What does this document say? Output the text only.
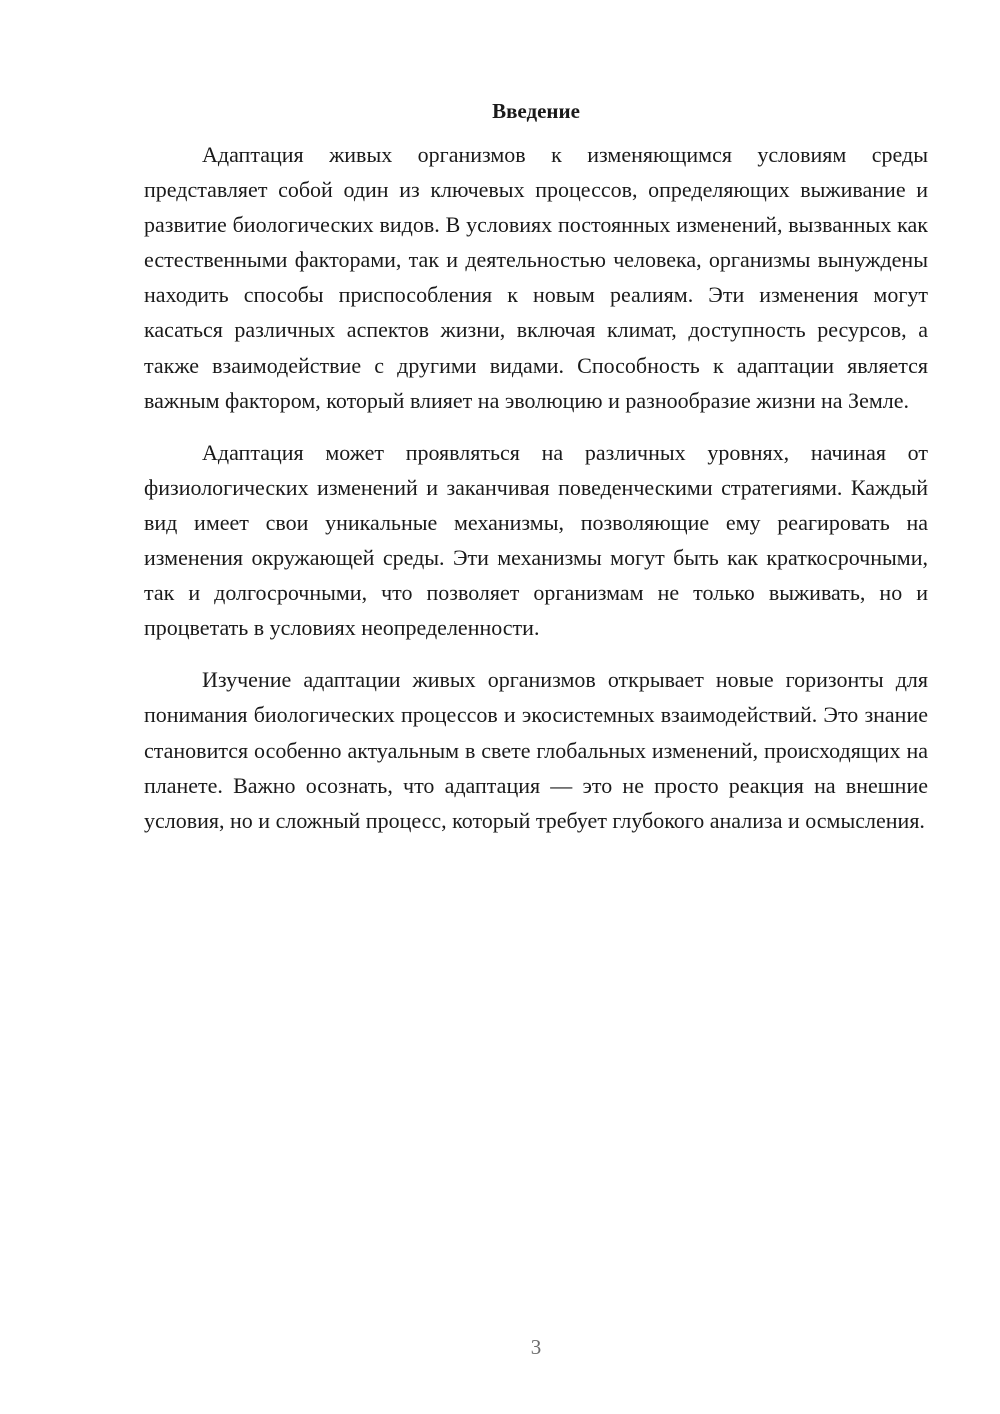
Введение

Адаптация живых организмов к изменяющимся условиям среды представляет собой один из ключевых процессов, определяющих выживание и развитие биологических видов. В условиях постоянных изменений, вызванных как естественными факторами, так и деятельностью человека, организмы вынуждены находить способы приспособления к новым реалиям. Эти изменения могут касаться различных аспектов жизни, включая климат, доступность ресурсов, а также взаимодействие с другими видами. Способность к адаптации является важным фактором, который влияет на эволюцию и разнообразие жизни на Земле.

Адаптация может проявляться на различных уровнях, начиная от физиологических изменений и заканчивая поведенческими стратегиями. Каждый вид имеет свои уникальные механизмы, позволяющие ему реагировать на изменения окружающей среды. Эти механизмы могут быть как краткосрочными, так и долгосрочными, что позволяет организмам не только выживать, но и процветать в условиях неопределенности.

Изучение адаптации живых организмов открывает новые горизонты для понимания биологических процессов и экосистемных взаимодействий. Это знание становится особенно актуальным в свете глобальных изменений, происходящих на планете. Важно осознать, что адаптация — это не просто реакция на внешние условия, но и сложный процесс, который требует глубокого анализа и осмысления.

3
